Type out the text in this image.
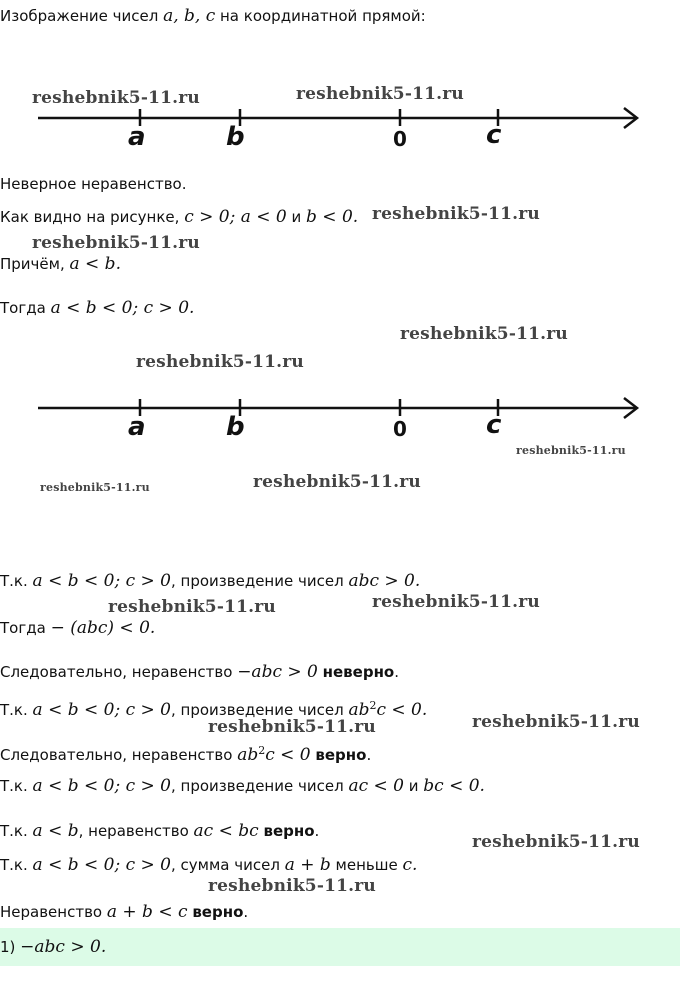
Изображение чисел a, b, c на координатной прямой:
a	b	0	c
Неверное неравенство.
Как видно на рисунке, c > 0; a < 0 и b < 0.
Причём, a < b.
Тогда a < b < 0; c > 0.
a	b	0	c
Т.к. a < b < 0; c > 0, произведение чисел abc > 0.
Тогда − (abc) < 0.
Следовательно, неравенство −abc > 0 неверно.
Т.к. a < b < 0; c > 0, произведение чисел $ab^2c < 0$.
Следовательно, неравенство $ab^2c < 0$ верно.
Т.к. a < b < 0; c > 0, произведение чисел ac < 0 и bc < 0.
Т.к. a < b, неравенство ac < bc верно.
Т.к. a < b < 0; c > 0, сумма чисел a + b меньше c.
Неравенство a + b < c верно.
1) −abc > 0.
reshebnik5-11.ru	reshebnik5-11.ru
reshebnik5-11.ru
reshebnik5-11.ru
reshebnik5-11.ru
reshebnik5-11.ru
reshebnik5-11.ru
reshebnik5-11.ru	reshebnik5-11.ru
reshebnik5-11.ru	reshebnik5-11.ru
reshebnik5-11.ru	reshebnik5-11.ru
reshebnik5-11.ru
reshebnik5-11.ru
